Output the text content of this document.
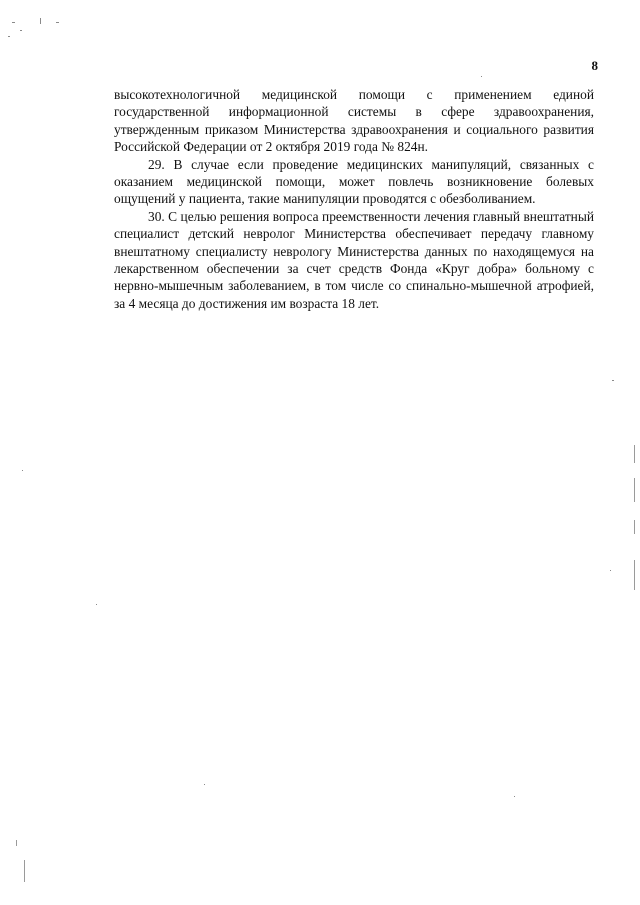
8

высокотехнологичной медицинской помощи с применением единой государственной информационной системы в сфере здравоохранения, утвержденным приказом Министерства здравоохранения и социального развития Российской Федерации от 2 октября 2019 года № 824н.

29. В случае если проведение медицинских манипуляций, связанных с оказанием медицинской помощи, может повлечь возникновение болевых ощущений у пациента, такие манипуляции проводятся с обезболиванием.

30. С целью решения вопроса преемственности лечения главный внештатный специалист детский невролог Министерства обеспечивает передачу главному внештатному специалисту неврологу Министерства данных по находящемуся на лекарственном обеспечении за счет средств Фонда «Круг добра» больному с нервно-мышечным заболеванием, в том числе со спинально-мышечной атрофией, за 4 месяца до достижения им возраста 18 лет.
